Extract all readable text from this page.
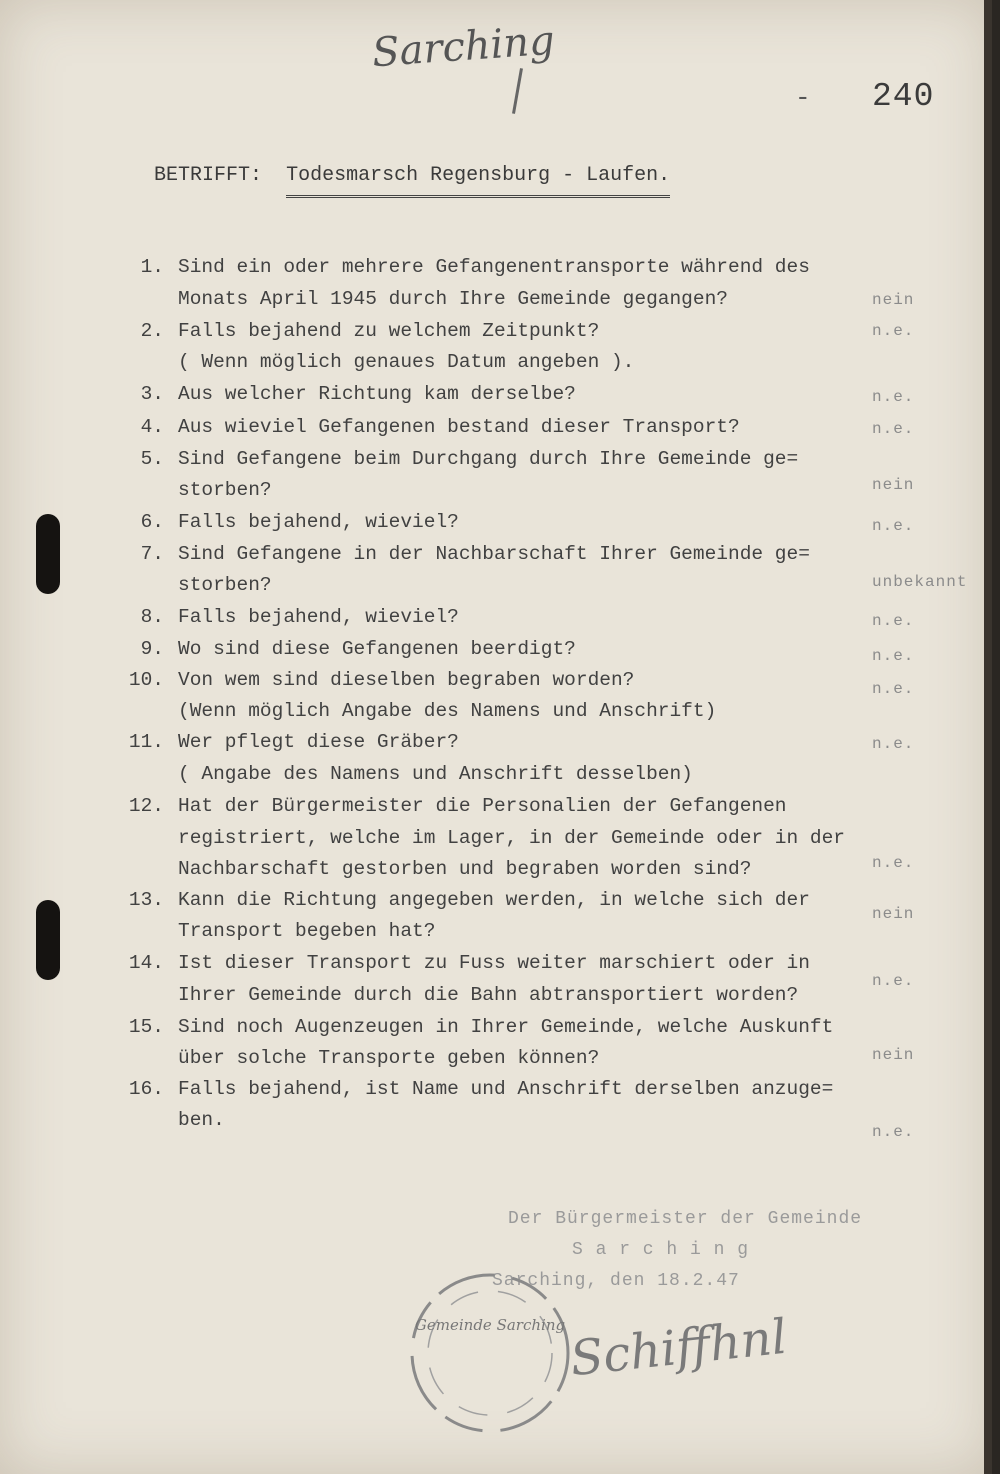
Sarching
- 240

BETRIFFT: Todesmarsch Regensburg - Laufen.

1. Sind ein oder mehrere Gefangenentransporte während des
Monats April 1945 durch Ihre Gemeinde gegangen?	nein
2. Falls bejahend zu welchem Zeitpunkt?
( Wenn möglich genaues Datum angeben ).
n.e.
3. Aus welcher Richtung kam derselbe?	n.e.
4. Aus wieviel Gefangenen bestand dieser Transport?	n.e.
5. Sind Gefangene beim Durchgang durch Ihre Gemeinde ge=
storben?	nein
6. Falls bejahend, wieviel?	n.e.
7. Sind Gefangene in der Nachbarschaft Ihrer Gemeinde ge=
storben?	unbekannt
8. Falls bejahend, wieviel?	n.e.
9. Wo sind diese Gefangenen beerdigt?	n.e.
10. Von wem sind dieselben begraben worden?
(Wenn möglich Angabe des Namens und Anschrift)
n.e.
11. Wer pflegt diese Gräber?
( Angabe des Namens und Anschrift desselben)
n.e.
12. Hat der Bürgermeister die Personalien der Gefangenen
registriert, welche im Lager, in der Gemeinde oder in der
Nachbarschaft gestorben und begraben worden sind?	n.e.
13. Kann die Richtung angegeben werden, in welche sich der
Transport begeben hat?
nein
14. Ist dieser Transport zu Fuss weiter marschiert oder in
Ihrer Gemeinde durch die Bahn abtransportiert worden?
n.e.
15. Sind noch Augenzeugen in Ihrer Gemeinde, welche Auskunft
über solche Transporte geben können?	nein
16. Falls bejahend, ist Name und Anschrift derselben anzuge=
ben.
n.e.
Der Bürgermeister der Gemeinde
S a r c h i n g
Sarching, den 18.2.47
Gemeinde Sarching Schiffhnl
